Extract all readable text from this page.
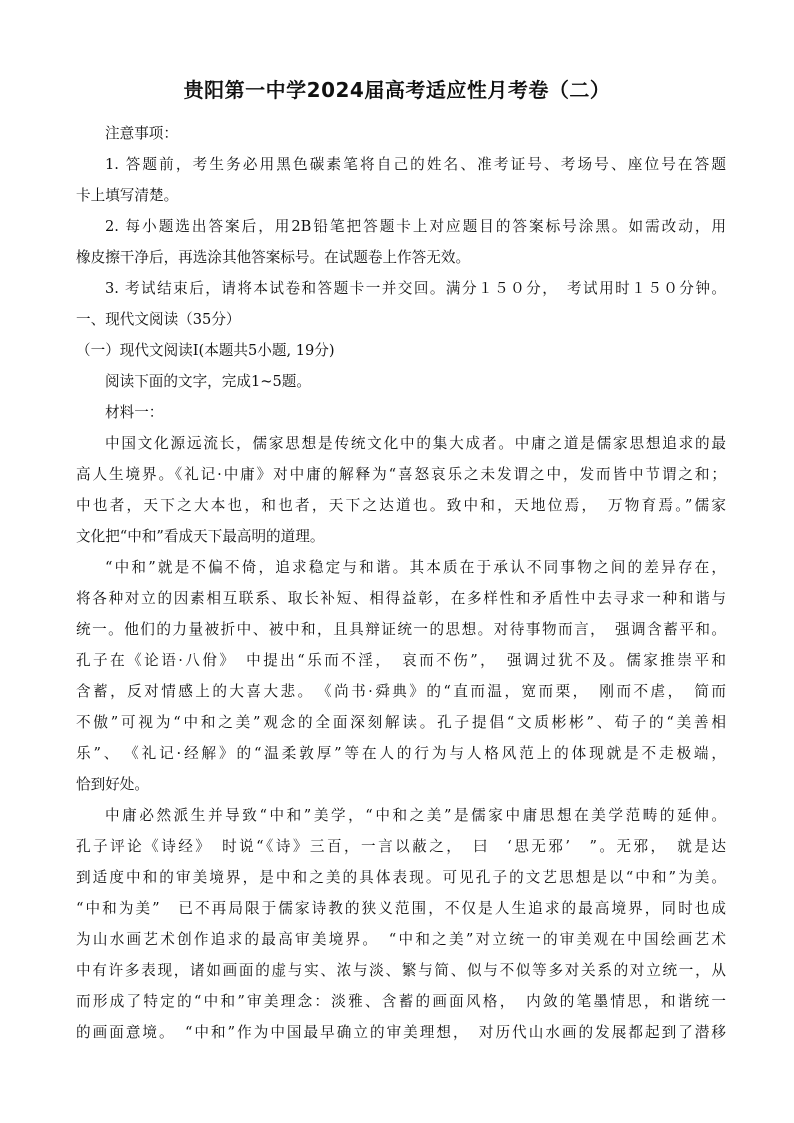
贵阳第一中学2024届高考适应性月考卷（二）
注意事项：
1. 答题前，考生务必用黑色碳素笔将自己的姓名、准考证号、考场号、座位号在答题
卡上填写清楚。
2. 每小题选出答案后，用2B铅笔把答题卡上对应题目的答案标号涂黑。如需改动，用
橡皮擦干净后，再选涂其他答案标号。在试题卷上作答无效。
3. 考试结束后，请将本试卷和答题卡一并交回。满分１５０分，　考试用时１５０分钟。
一、现代文阅读（35分）
（一）现代文阅读Ⅰ(本题共5小题, 19分)
阅读下面的文字，完成1~5题。
材料一：
中国文化源远流长，儒家思想是传统文化中的集大成者。中庸之道是儒家思想追求的最
高人生境界。《礼记·中庸》对中庸的解释为“喜怒哀乐之未发谓之中，发而皆中节谓之和；
中也者，天下之大本也，和也者，天下之达道也。致中和，天地位焉，　万物育焉。”儒家
文化把“中和”看成天下最高明的道理。
“中和”就是不偏不倚，追求稳定与和谐。其本质在于承认不同事物之间的差异存在，
将各种对立的因素相互联系、取长补短、相得益彰，在多样性和矛盾性中去寻求一种和谐与
统一。他们的力量被折中、被中和，且具辩证统一的思想。对待事物而言，　强调含蓄平和。
孔子在《论语·八佾》　中提出“乐而不淫，　哀而不伤”，　强调过犹不及。儒家推崇平和
含蓄，反对情感上的大喜大悲。　《尚书·舜典》的“直而温，宽而栗，　刚而不虐，　简而
不傲”可视为“中和之美”观念的全面深刻解读。孔子提倡“文质彬彬”、荀子的“美善相
乐”、　《礼记·经解》的“温柔敦厚”等在人的行为与人格风范上的体现就是不走极端，
恰到好处。
中庸必然派生并导致“中和”美学，“中和之美”是儒家中庸思想在美学范畴的延伸。
孔子评论《诗经》　时说“《诗》三百，一言以蔽之，　曰　‘思无邪’　”。无邪，　就是达
到适度中和的审美境界，是中和之美的具体表现。可见孔子的文艺思想是以“中和”为美。
“中和为美”　已不再局限于儒家诗教的狭义范围，不仅是人生追求的最高境界，同时也成
为山水画艺术创作追求的最高审美境界。　“中和之美”对立统一的审美观在中国绘画艺术
中有许多表现，诸如画面的虚与实、浓与淡、繁与简、似与不似等多对关系的对立统一，从
而形成了特定的“中和”审美理念：淡雅、含蓄的画面风格，　内敛的笔墨情思，和谐统一
的画面意境。　“中和”作为中国最早确立的审美理想，　对历代山水画的发展都起到了潜移
